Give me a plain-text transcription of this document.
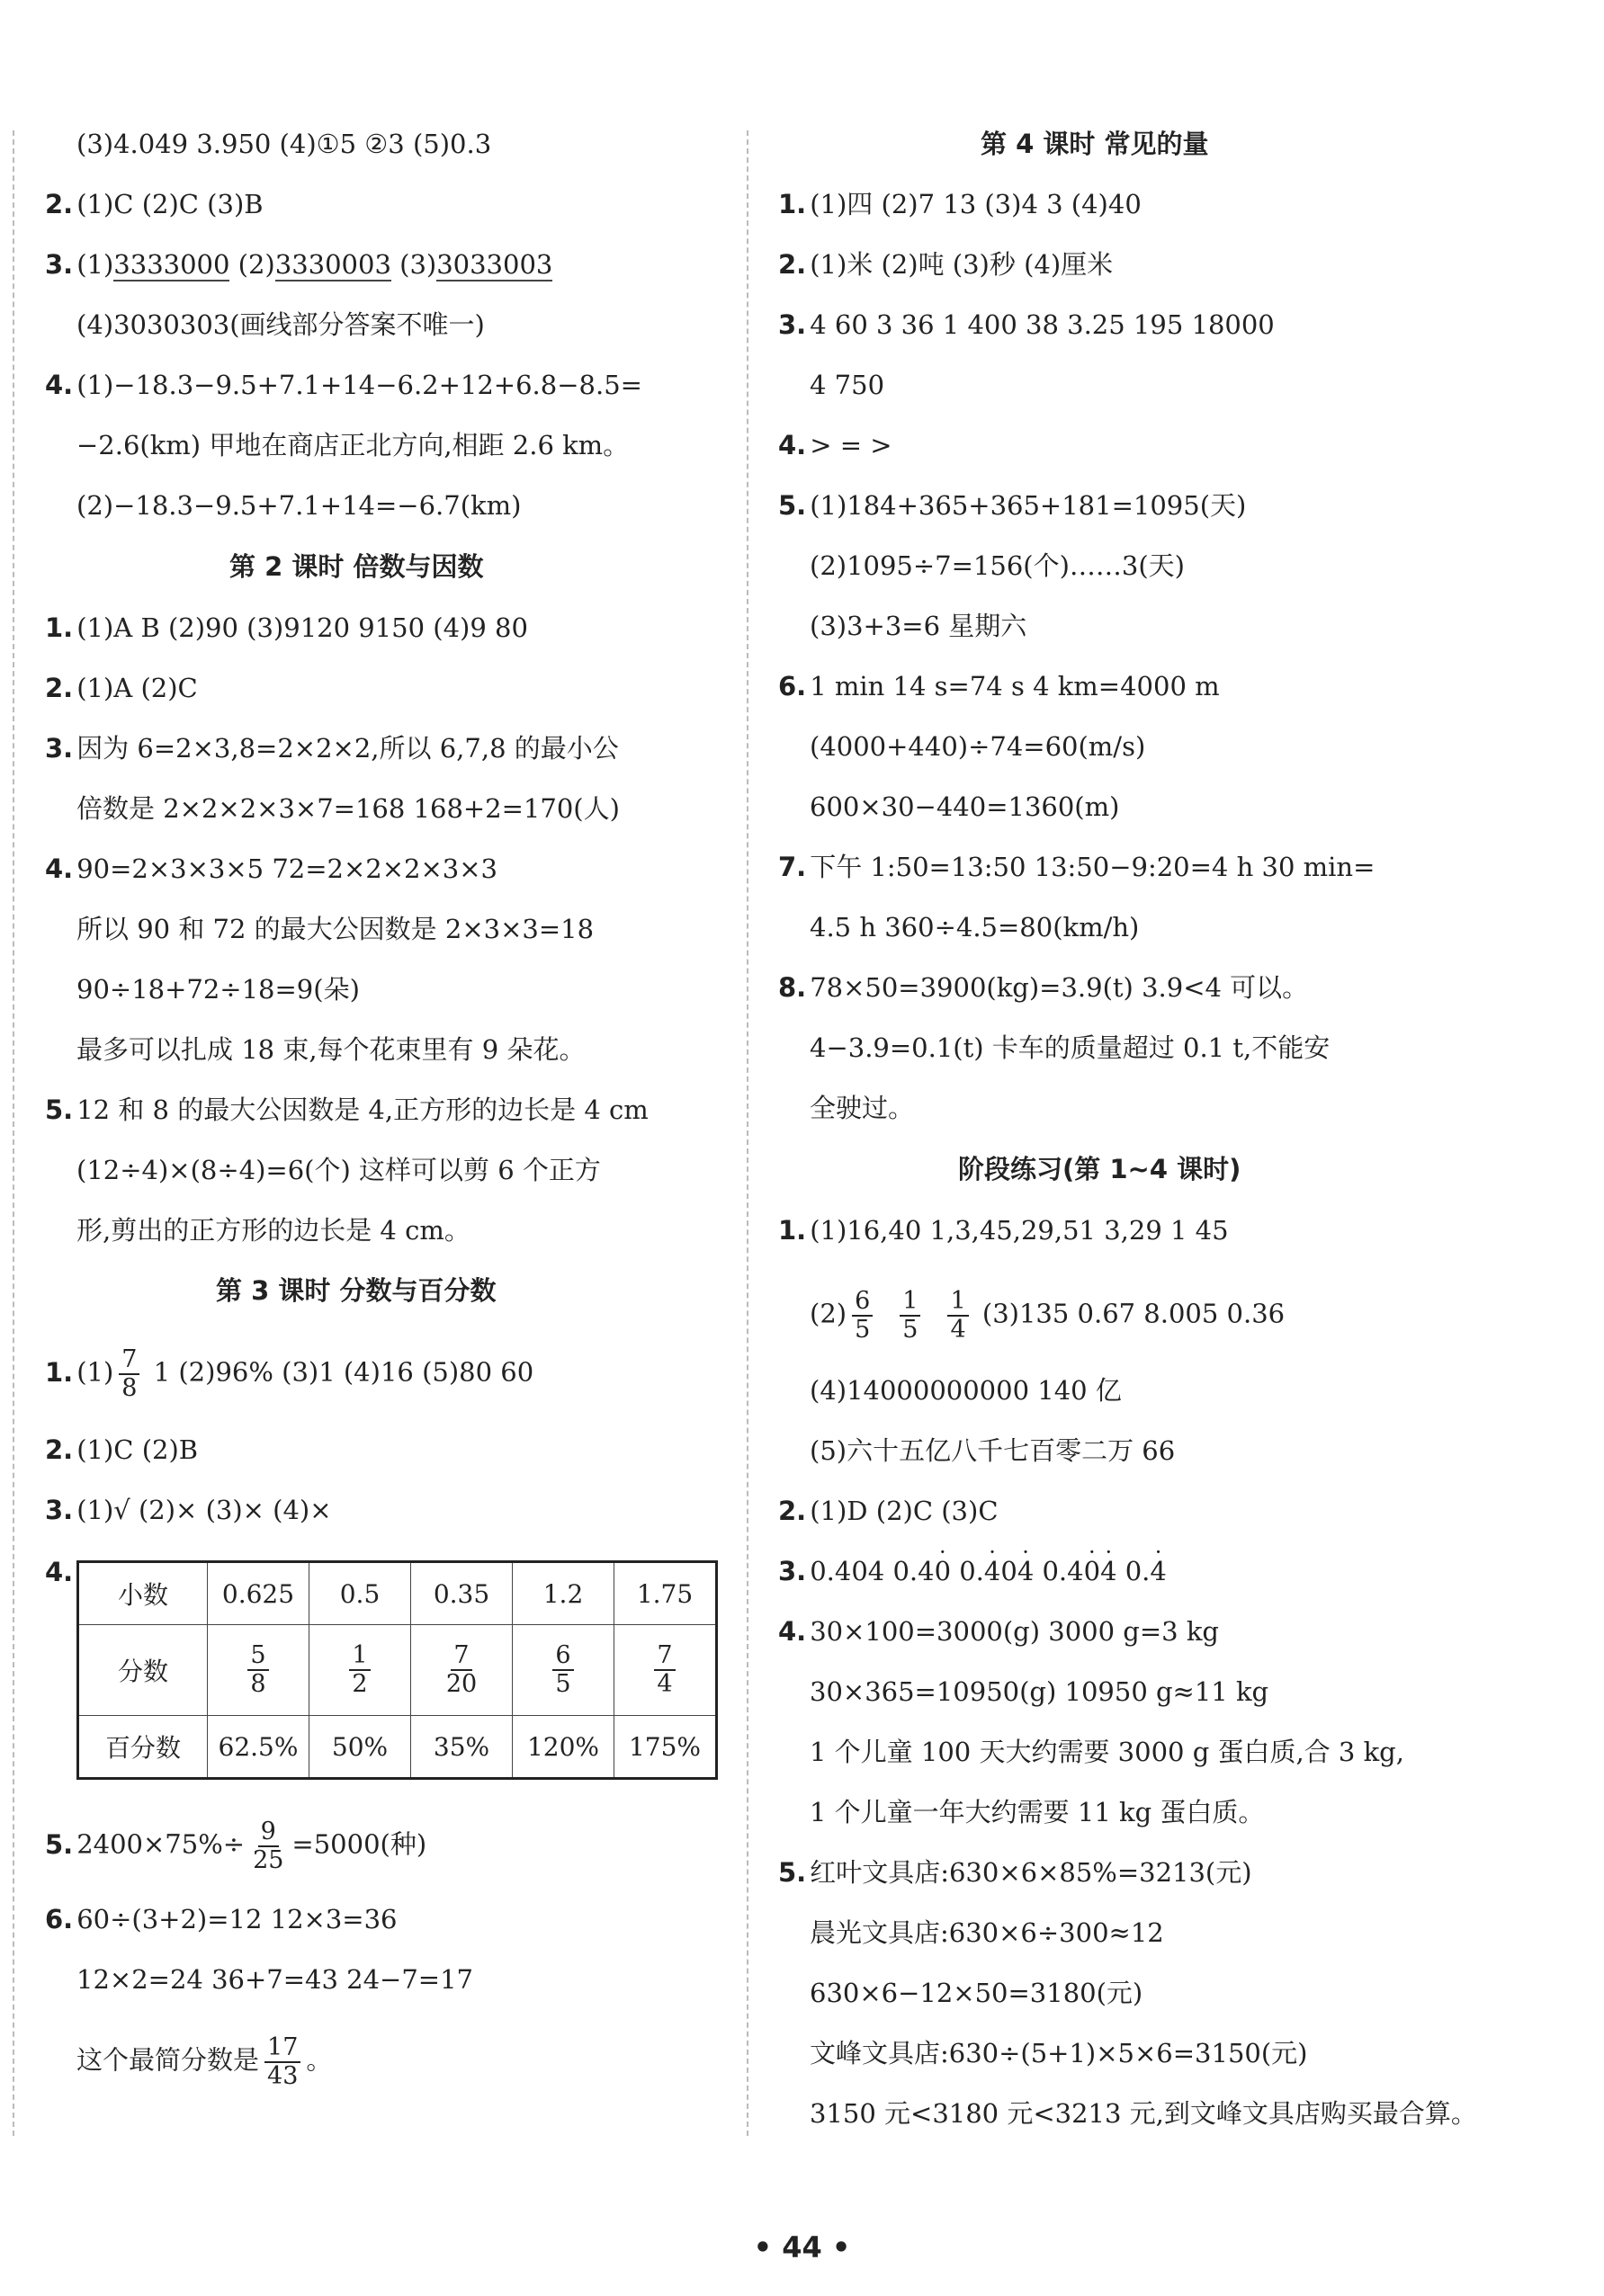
(3)4.049 3.950 (4)①5 ②3 (5)0.3
2. (1)C (2)C (3)B
3. (1)3333000 (2)3330003 (3)3033003
(4)3030303(画线部分答案不唯一)
4. (1)−18.3−9.5+7.1+14−6.2+12+6.8−8.5=
−2.6(km) 甲地在商店正北方向,相距 2.6 km。
(2)−18.3−9.5+7.1+14=−6.7(km)
第 2 课时 倍数与因数
1. (1)A B (2)90 (3)9120 9150 (4)9 80
2. (1)A (2)C
3. 因为 6=2×3,8=2×2×2,所以 6,7,8 的最小公
倍数是 2×2×2×3×7=168 168+2=170(人)
4. 90=2×3×3×5 72=2×2×2×3×3
所以 90 和 72 的最大公因数是 2×3×3=18
90÷18+72÷18=9(朵)
最多可以扎成 18 束,每个花束里有 9 朵花。
5. 12 和 8 的最大公因数是 4,正方形的边长是 4 cm
(12÷4)×(8÷4)=6(个) 这样可以剪 6 个正方
形,剪出的正方形的边长是 4 cm。
第 3 课时 分数与百分数
1. $(1) \frac{7}{8} 1$ (2)96% (3)1 (4)16 (5)80 60
2. (1)C (2)B
3. (1)√ (2)× (3)× (4)×
4.
小数	0.625	0.5	0.35	1.2	1.75
分数	$\frac{5}{8}$	$\frac{1}{2}$	$\frac{7}{20}$	$\frac{6}{5}$	$\frac{7}{4}$

百分数	62.5%	50%	35%	120%	175%
5. $2400\times 75\%\div \frac{9}{25} =5000$(种)
6. 60÷(3+2)=12 12×3=36
12×2=24 36+7=43 24−7=17
这个最简分数是 $\frac{17}{43}$ 。
第 4 课时 常见的量
1. (1)四 (2)7 13 (3)4 3 (4)40
2. (1)米 (2)吨 (3)秒 (4)厘米
3. 4 60 3 36 1 400 38 3.25 195 18000
4 750
4. > = >
5. (1)184+365+365+181=1095(天)
(2)1095÷7=156(个)……3(天)
(3)3+3=6 星期六
6. 1 min 14 s=74 s 4 km=4000 m
(4000+440)÷74=60(m/s)
600×30−440=1360(m)
7. 下午 1:50=13:50 13:50−9:20=4 h 30 min=
4.5 h 360÷4.5=80(km/h)
8. 78×50=3900(kg)=3.9(t) 3.9<4 可以。
4−3.9=0.1(t) 卡车的质量超过 0.1 t,不能安
全驶过。
阶段练习(第 1~4 课时)
1. (1)16,40 1,3,45,29,51 3,29 1 45
$(2) \frac{6}{5} \frac{1}{5} \frac{1}{4} (3)135$ 0.67 8.005 0.36
(4)14000000000 140 亿
(5)六十五亿八千七百零二万 66
2. (1)D (2)C (3)C
3. 0.404 0.4· 0 0.· 40· 4 0.4· 0· 4 0.· 4
4. 30×100=3000(g) 3000 g=3 kg
30×365=10950(g) 10950 g≈11 kg
1 个儿童 100 天大约需要 3000 g 蛋白质,合 3 kg,
1 个儿童一年大约需要 11 kg 蛋白质。
5. 红叶文具店:630×6×85%=3213(元)
晨光文具店:630×6÷300≈12
630×6−12×50=3180(元)
文峰文具店:630÷(5+1)×5×6=3150(元)
3150 元<3180 元<3213 元,到文峰文具店购买最合算。
• 44 •
